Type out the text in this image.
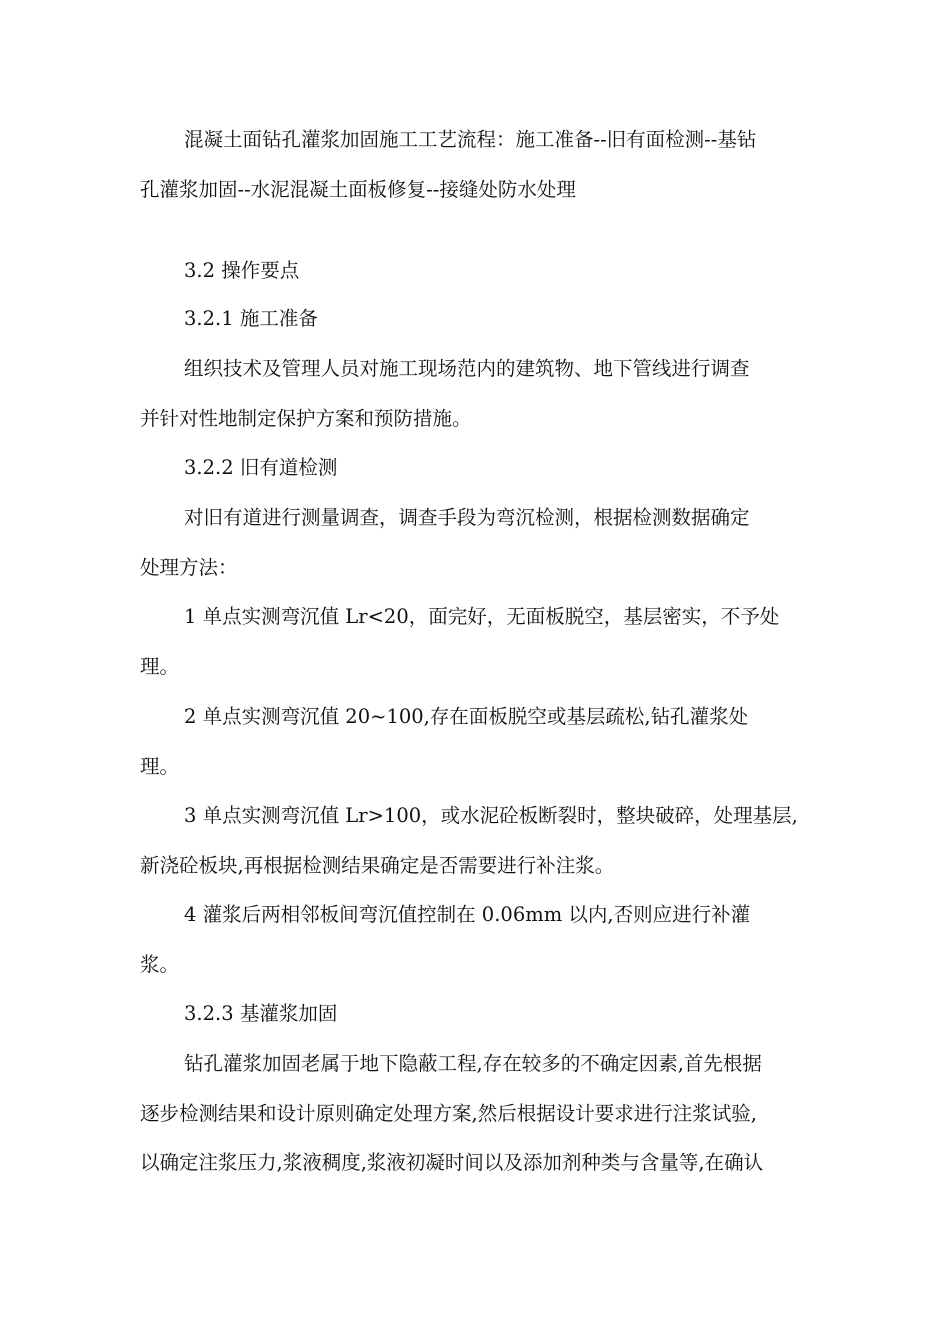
混凝土面钻孔灌浆加固施工工艺流程：施工准备--旧有面检测--基钻
孔灌浆加固--水泥混凝土面板修复--接缝处防水处理
3.2 操作要点
3.2.1 施工准备
组织技术及管理人员对施工现场范内的建筑物、地下管线进行调查
并针对性地制定保护方案和预防措施。
3.2.2 旧有道检测
对旧有道进行测量调查，调查手段为弯沉检测，根据检测数据确定
处理方法：
1 单点实测弯沉值 Lr<20，面完好，无面板脱空，基层密实，不予处
理。
2 单点实测弯沉值 20~100,存在面板脱空或基层疏松,钻孔灌浆处
理。
3 单点实测弯沉值 Lr>100，或水泥砼板断裂时，整块破碎，处理基层,
新浇砼板块,再根据检测结果确定是否需要进行补注浆。
4 灌浆后两相邻板间弯沉值控制在 0.06mm 以内,否则应进行补灌
浆。
3.2.3 基灌浆加固
钻孔灌浆加固老属于地下隐蔽工程,存在较多的不确定因素,首先根据
逐步检测结果和设计原则确定处理方案,然后根据设计要求进行注浆试验,
以确定注浆压力,浆液稠度,浆液初凝时间以及添加剂种类与含量等,在确认
